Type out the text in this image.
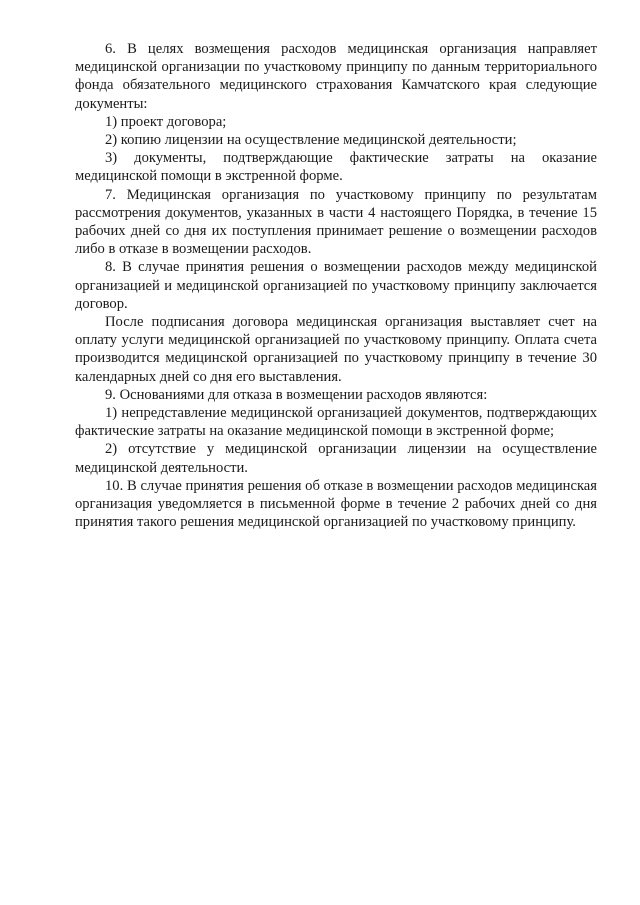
6. В целях возмещения расходов медицинская организация направляет медицинской организации по участковому принципу по данным территориального фонда обязательного медицинского страхования Камчатского края следующие документы:

1) проект договора;

2) копию лицензии на осуществление медицинской деятельности;

3) документы, подтверждающие фактические затраты на оказание медицинской помощи в экстренной форме.

7. Медицинская организация по участковому принципу по результатам рассмотрения документов, указанных в части 4 настоящего Порядка, в течение 15 рабочих дней со дня их поступления принимает решение о возмещении расходов либо в отказе в возмещении расходов.

8. В случае принятия решения о возмещении расходов между медицинской организацией и медицинской организацией по участковому принципу заключается договор.

После подписания договора медицинская организация выставляет счет на оплату услуги медицинской организацией по участковому принципу. Оплата счета производится медицинской организацией по участковому принципу в течение 30 календарных дней со дня его выставления.

9. Основаниями для отказа в возмещении расходов являются:

1) непредставление медицинской организацией документов, подтверждающих фактические затраты на оказание медицинской помощи в экстренной форме;

2) отсутствие у медицинской организации лицензии на осуществление медицинской деятельности.

10. В случае принятия решения об отказе в возмещении расходов медицинская организация уведомляется в письменной форме в течение 2 рабочих дней со дня принятия такого решения медицинской организацией по участковому принципу.
